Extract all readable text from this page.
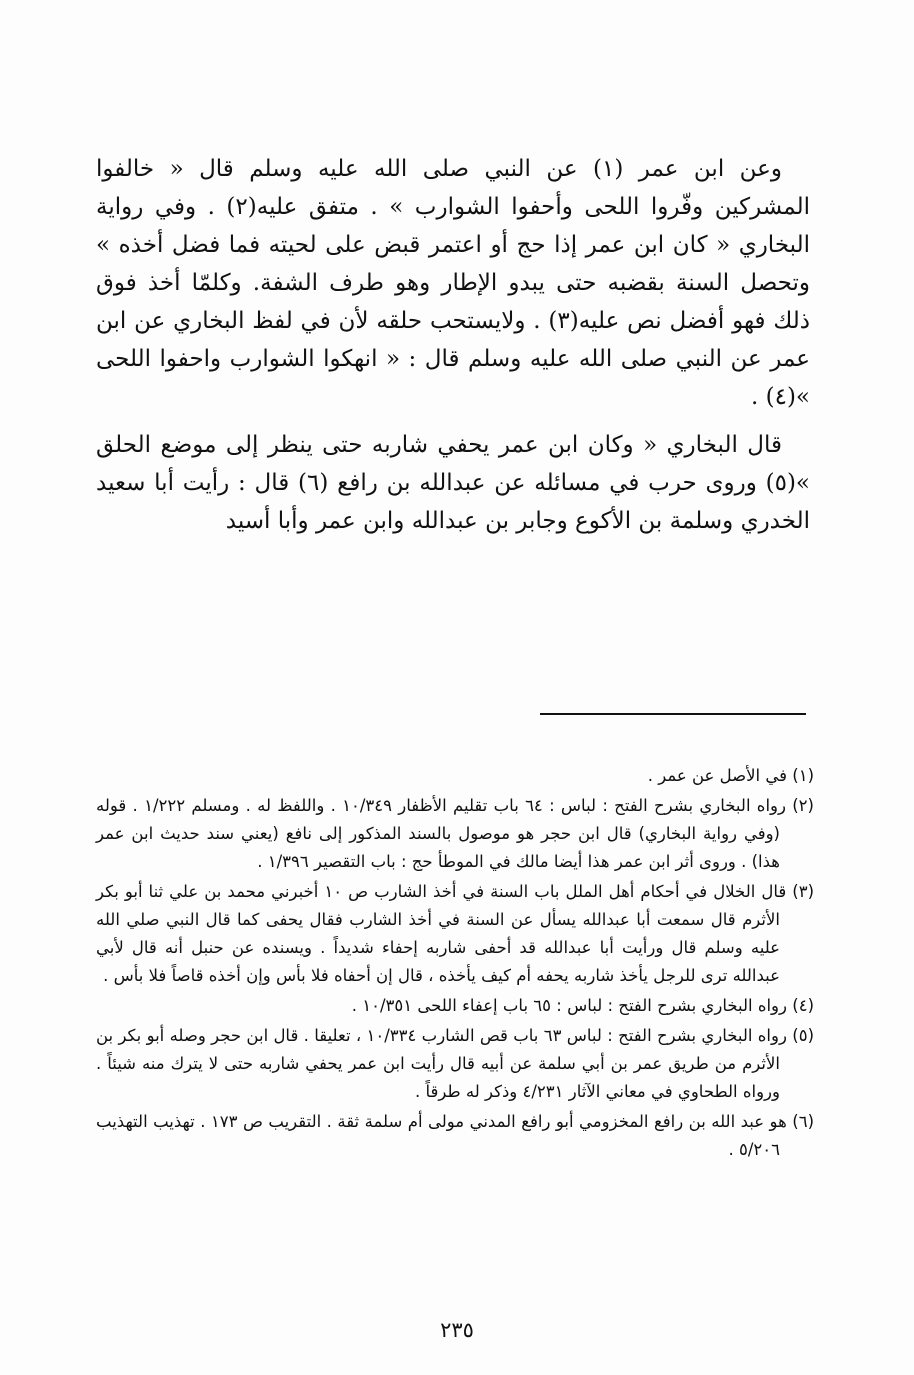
وعن ابن عمر (١) عن النبي صلى الله عليه وسلم قال « خالفوا المشركين وفّروا اللحى وأحفوا الشوارب » . متفق عليه(٢) . وفي رواية البخاري « كان ابن عمر إذا حج أو اعتمر قبض على لحيته فما فضل أخذه » وتحصل السنة بقضبه حتى يبدو الإطار وهو طرف الشفة. وكلمّا أخذ فوق ذلك فهو أفضل نص عليه(٣) . ولايستحب حلقه لأن في لفظ البخاري عن ابن عمر عن النبي صلى الله عليه وسلم قال : « انهكوا الشوارب واحفوا اللحى »(٤) .

قال البخاري « وكان ابن عمر يحفي شاربه حتى ينظر إلى موضع الحلق »(٥) وروى حرب في مسائله عن عبدالله بن رافع (٦) قال : رأيت أبا سعيد الخدري وسلمة بن الأكوع وجابر بن عبدالله وابن عمر وأبا أسيد

(١) في الأصل عن عمر .

(٢) رواه البخاري بشرح الفتح : لباس : ٦٤ باب تقليم الأظفار ١٠/٣٤٩ . واللفظ له . ومسلم ١/٢٢٢ . قوله (وفي رواية البخاري) قال ابن حجر هو موصول بالسند المذكور إلى نافع (يعني سند حديث ابن عمر هذا) . وروى أثر ابن عمر هذا أيضا مالك في الموطأ حج : باب التقصير ١/٣٩٦ .

(٣) قال الخلال في أحكام أهل الملل باب السنة في أخذ الشارب ص ١٠ أخبرني محمد بن علي ثنا أبو بكر الأثرم قال سمعت أبا عبدالله يسأل عن السنة في أخذ الشارب فقال يحفى كما قال النبي صلي الله عليه وسلم قال ورأيت أبا عبدالله قد أحفى شاربه إحفاء شديداً . ويسنده عن حنبل أنه قال لأبي عبدالله ترى للرجل يأخذ شاربه يحفه أم كيف يأخذه ، قال إن أحفاه فلا بأس وإن أخذه قاصاً فلا بأس .

(٤) رواه البخاري بشرح الفتح : لباس : ٦٥ باب إعفاء اللحى ١٠/٣٥١ .

(٥) رواه البخاري بشرح الفتح : لباس ٦٣ باب قص الشارب ١٠/٣٣٤ ، تعليقا . قال ابن حجر وصله أبو بكر بن الأثرم من طريق عمر بن أبي سلمة عن أبيه قال رأيت ابن عمر يحفي شاربه حتى لا يترك منه شيئاً . ورواه الطحاوي في معاني الآثار ٤/٢٣١ وذكر له طرقاً .

(٦) هو عبد الله بن رافع المخزومي أبو رافع المدني مولى أم سلمة ثقة . التقريب ص ١٧٣ . تهذيب التهذيب ٥/٢٠٦ .

٢٣٥
